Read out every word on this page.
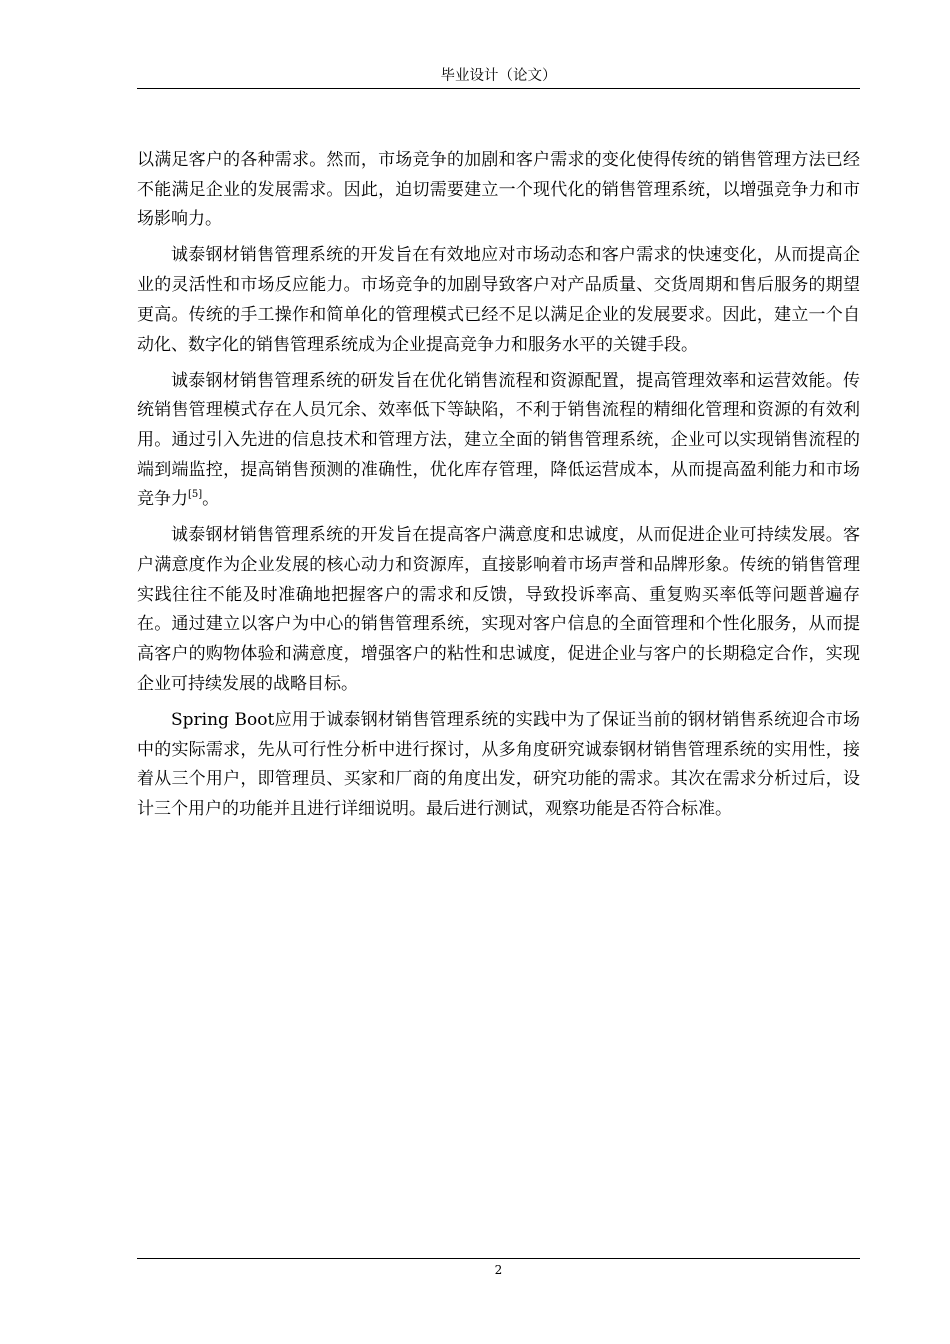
毕业设计（论文）

以满足客户的各种需求。然而，市场竞争的加剧和客户需求的变化使得传统的销售管理方法已经不能满足企业的发展需求。因此，迫切需要建立一个现代化的销售管理系统，以增强竞争力和市场影响力。

诚泰钢材销售管理系统的开发旨在有效地应对市场动态和客户需求的快速变化，从而提高企业的灵活性和市场反应能力。市场竞争的加剧导致客户对产品质量、交货周期和售后服务的期望更高。传统的手工操作和简单化的管理模式已经不足以满足企业的发展要求。因此，建立一个自动化、数字化的销售管理系统成为企业提高竞争力和服务水平的关键手段。

诚泰钢材销售管理系统的研发旨在优化销售流程和资源配置，提高管理效率和运营效能。传统销售管理模式存在人员冗余、效率低下等缺陷，不利于销售流程的精细化管理和资源的有效利用。通过引入先进的信息技术和管理方法，建立全面的销售管理系统，企业可以实现销售流程的端到端监控，提高销售预测的准确性，优化库存管理，降低运营成本，从而提高盈利能力和市场竞争力[5]。

诚泰钢材销售管理系统的开发旨在提高客户满意度和忠诚度，从而促进企业可持续发展。客户满意度作为企业发展的核心动力和资源库，直接影响着市场声誉和品牌形象。传统的销售管理实践往往不能及时准确地把握客户的需求和反馈，导致投诉率高、重复购买率低等问题普遍存在。通过建立以客户为中心的销售管理系统，实现对客户信息的全面管理和个性化服务，从而提高客户的购物体验和满意度，增强客户的粘性和忠诚度，促进企业与客户的长期稳定合作，实现企业可持续发展的战略目标。

Spring Boot应用于诚泰钢材销售管理系统的实践中为了保证当前的钢材销售系统迎合市场中的实际需求，先从可行性分析中进行探讨，从多角度研究诚泰钢材销售管理系统的实用性，接着从三个用户，即管理员、买家和厂商的角度出发，研究功能的需求。其次在需求分析过后，设计三个用户的功能并且进行详细说明。最后进行测试，观察功能是否符合标准。

2
